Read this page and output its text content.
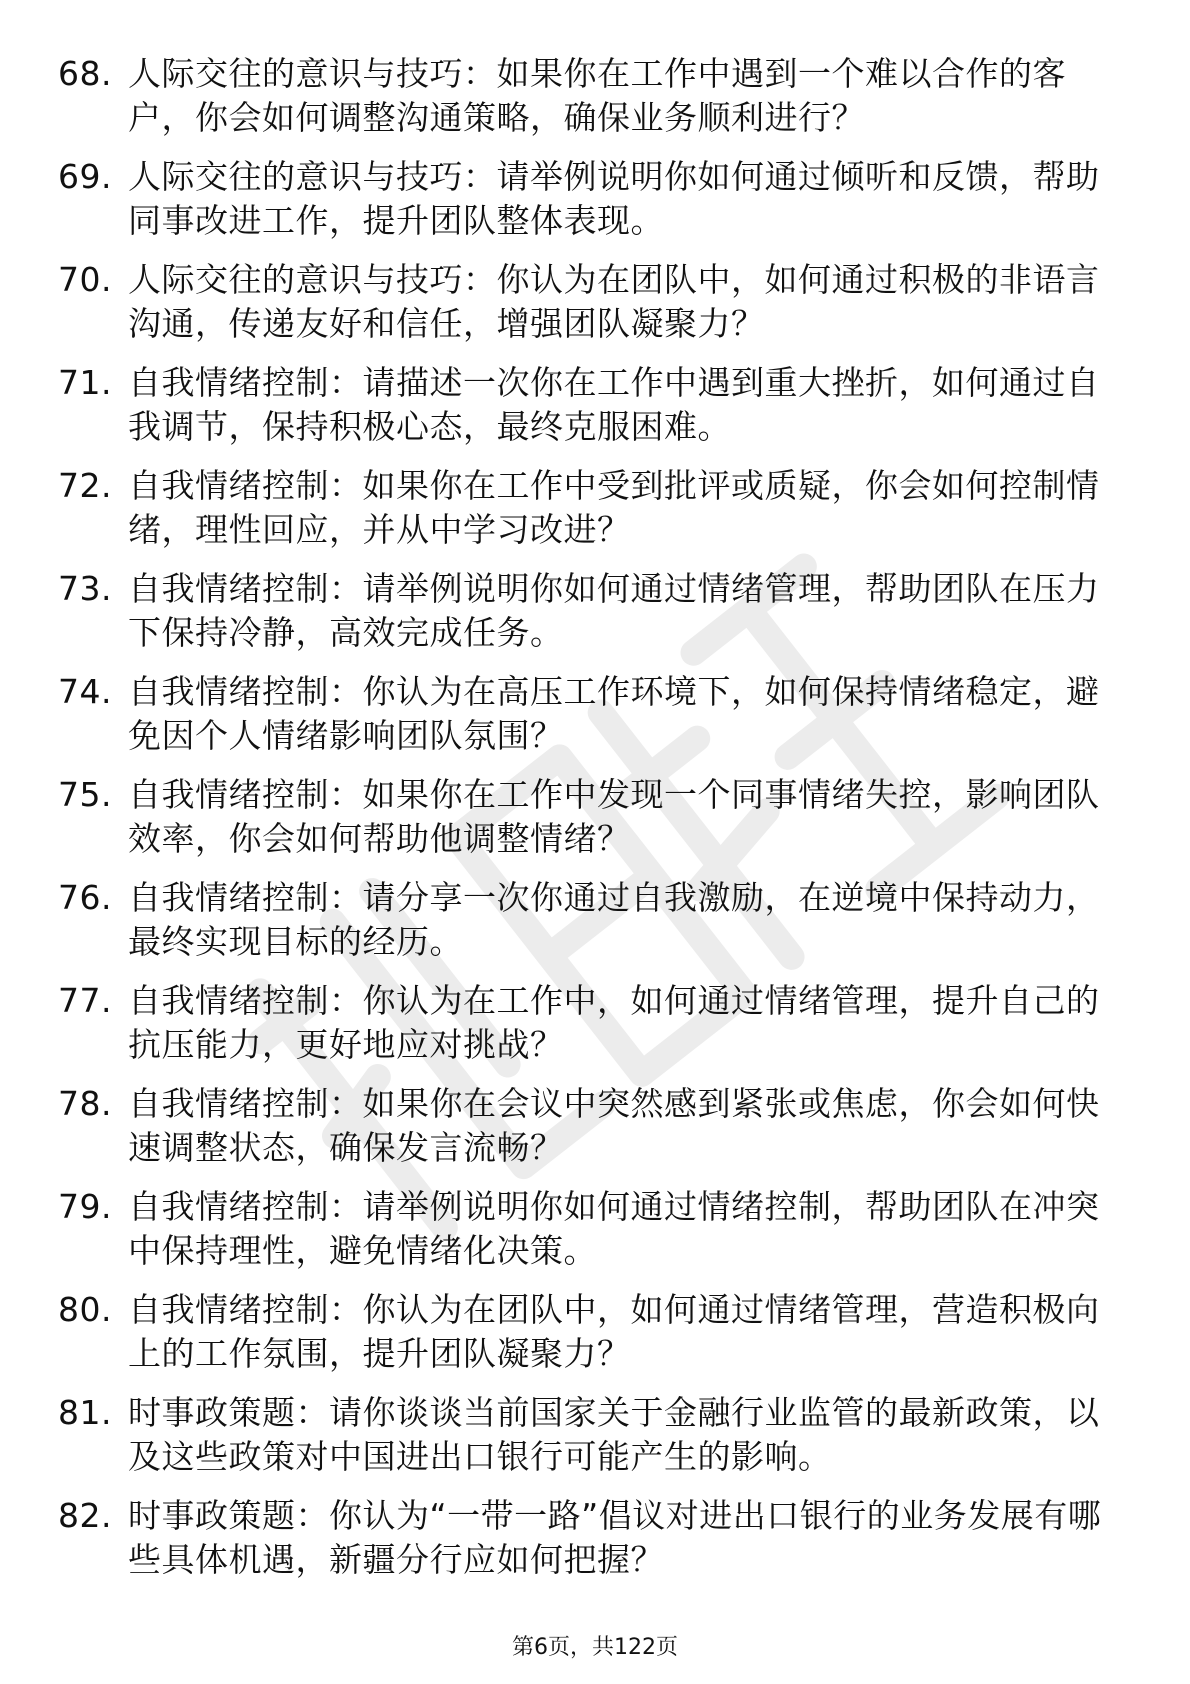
68. 人际交往的意识与技巧：如果你在工作中遇到一个难以合作的客户，你会如何调整沟通策略，确保业务顺利进行？
69. 人际交往的意识与技巧：请举例说明你如何通过倾听和反馈，帮助同事改进工作，提升团队整体表现。
70. 人际交往的意识与技巧：你认为在团队中，如何通过积极的非语言沟通，传递友好和信任，增强团队凝聚力？
71. 自我情绪控制：请描述一次你在工作中遇到重大挫折，如何通过自我调节，保持积极心态，最终克服困难。
72. 自我情绪控制：如果你在工作中受到批评或质疑，你会如何控制情绪，理性回应，并从中学习改进？
73. 自我情绪控制：请举例说明你如何通过情绪管理，帮助团队在压力下保持冷静，高效完成任务。
74. 自我情绪控制：你认为在高压工作环境下，如何保持情绪稳定，避免因个人情绪影响团队氛围？
75. 自我情绪控制：如果你在工作中发现一个同事情绪失控，影响团队效率，你会如何帮助他调整情绪？
76. 自我情绪控制：请分享一次你通过自我激励，在逆境中保持动力，最终实现目标的经历。
77. 自我情绪控制：你认为在工作中，如何通过情绪管理，提升自己的抗压能力，更好地应对挑战？
78. 自我情绪控制：如果你在会议中突然感到紧张或焦虑，你会如何快速调整状态，确保发言流畅？
79. 自我情绪控制：请举例说明你如何通过情绪控制，帮助团队在冲突中保持理性，避免情绪化决策。
80. 自我情绪控制：你认为在团队中，如何通过情绪管理，营造积极向上的工作氛围，提升团队凝聚力？
81. 时事政策题：请你谈谈当前国家关于金融行业监管的最新政策，以及这些政策对中国进出口银行可能产生的影响。
82. 时事政策题：你认为“一带一路”倡议对进出口银行的业务发展有哪些具体机遇，新疆分行应如何把握？
第6页，共122页
